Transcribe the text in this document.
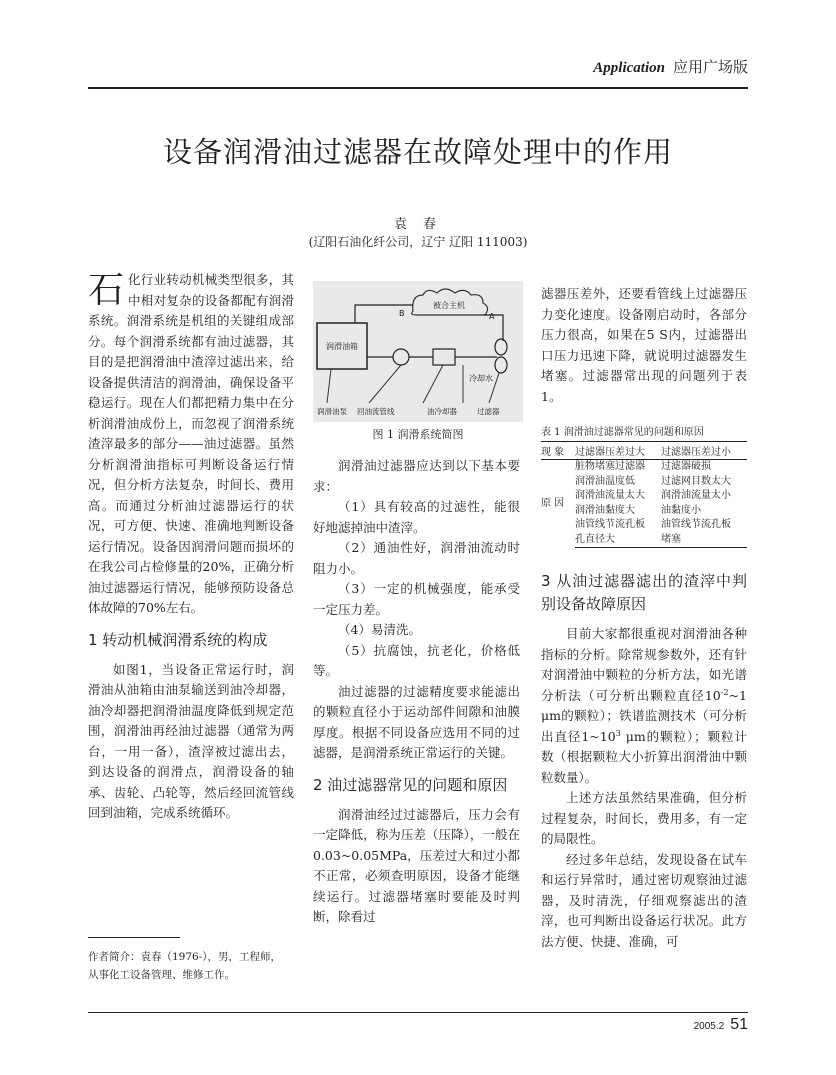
Application 应用广场版
设备润滑油过滤器在故障处理中的作用
袁 春
(辽阳石油化纤公司，辽宁 辽阳 111003)

石化行业转动机械类型很多，其中相对复杂的设备都配有润滑系统。润滑系统是机组的关键组成部分。每个润滑系统都有油过滤器，其目的是把润滑油中渣滓过滤出来，给设备提供清洁的润滑油，确保设备平稳运行。现在人们都把精力集中在分析润滑油成份上，而忽视了润滑系统渣滓最多的部分——油过滤器。虽然分析润滑油指标可判断设备运行情况，但分析方法复杂，时间长、费用高。而通过分析油过滤器运行的状况，可方便、快速、准确地判断设备运行情况。设备因润滑问题而损坏的在我公司占检修量的20%，正确分析油过滤器运行情况，能够预防设备总体故障的70%左右。

1 转动机械润滑系统的构成

如图1，当设备正常运行时，润滑油从油箱由油泵输送到油冷却器，油冷却器把润滑油温度降低到规定范围，润滑油再经油过滤器（通常为两台，一用一备），渣滓被过滤出去，到达设备的润滑点，润滑设备的轴承、齿轮、凸轮等，然后经回流管线回到油箱，完成系统循环。

作者简介：袁春（1976-），男，工程师，从事化工设备管理、维修工作。
被合主机
B	A
润滑油箱
冷却水
润滑油泵 回油流管线	油冷却器	过滤器
图 1 润滑系统简图

润滑油过滤器应达到以下基本要求：

（1）具有较高的过滤性，能很好地滤掉油中渣滓。

（2）通油性好，润滑油流动时阻力小。

（3）一定的机械强度，能承受一定压力差。

（4）易清洗。

（5）抗腐蚀，抗老化，价格低等。

油过滤器的过滤精度要求能滤出的颗粒直径小于运动部件间隙和油膜厚度。根据不同设备应选用不同的过滤器，是润滑系统正常运行的关键。

2 油过滤器常见的问题和原因

润滑油经过过滤器后，压力会有一定降低，称为压差（压降），一般在0.03~0.05MPa，压差过大和过小都不正常，必须查明原因，设备才能继续运行。过滤器堵塞时要能及时判断，除看过

滤器压差外，还要看管线上过滤器压力变化速度。设备刚启动时，各部分压力很高，如果在5 S内，过滤器出口压力迅速下降，就说明过滤器发生堵塞。过滤器常出现的问题列于表1。

表 1 润滑油过滤器常见的问题和原因
现 象	过滤器压差过大	过滤器压差过小
原 因	脏物堵塞过滤器	过滤器破损
	润滑油温度低	过滤网目数太大
	润滑油流量太大	润滑油流量太小
	润滑油黏度大	油黏度小
	油管线节流孔板	油管线节流孔板
	孔直径大	堵塞
3 从油过滤器滤出的渣滓中判别设备故障原因

目前大家都很重视对润滑油各种指标的分析。除常规参数外，还有针对润滑油中颗粒的分析方法，如光谱分析法（可分析出颗粒直径$10^{-2}\sim 1$ μm的颗粒）；铁谱监测技术（可分析出直径$1\sim 10^3$ μm的颗粒）；颗粒计数（根据颗粒大小折算出润滑油中颗粒数量）。

上述方法虽然结果准确，但分析过程复杂，时间长，费用多，有一定的局限性。

经过多年总结，发现设备在试车和运行异常时，通过密切观察油过滤器，及时清洗，仔细观察滤出的渣滓，也可判断出设备运行状况。此方法方便、快捷、准确，可

2005.2 51
